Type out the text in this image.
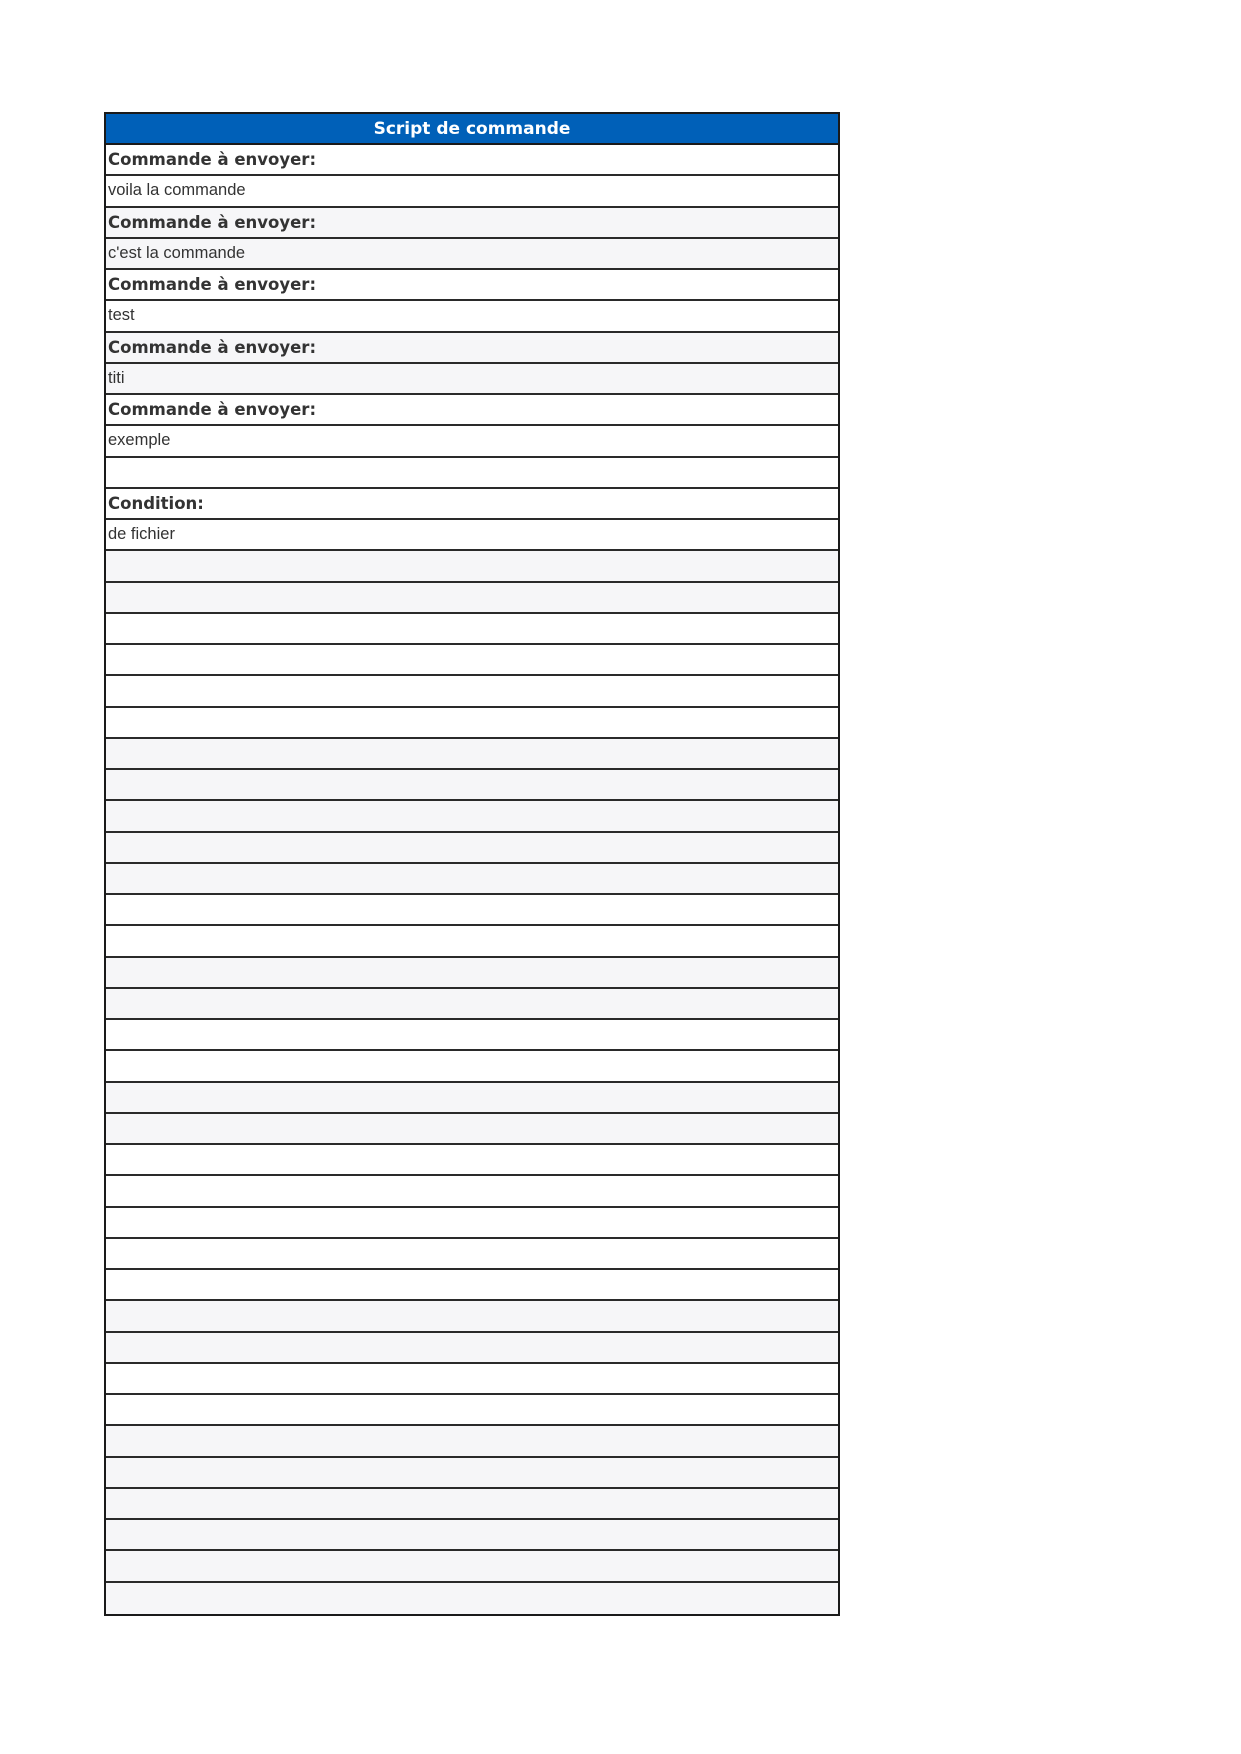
Script de commande
Commande à envoyer:
voila la commande
Commande à envoyer:
c'est la commande
Commande à envoyer:
test
Commande à envoyer:
titi
Commande à envoyer:
exemple
Condition:
de fichier
